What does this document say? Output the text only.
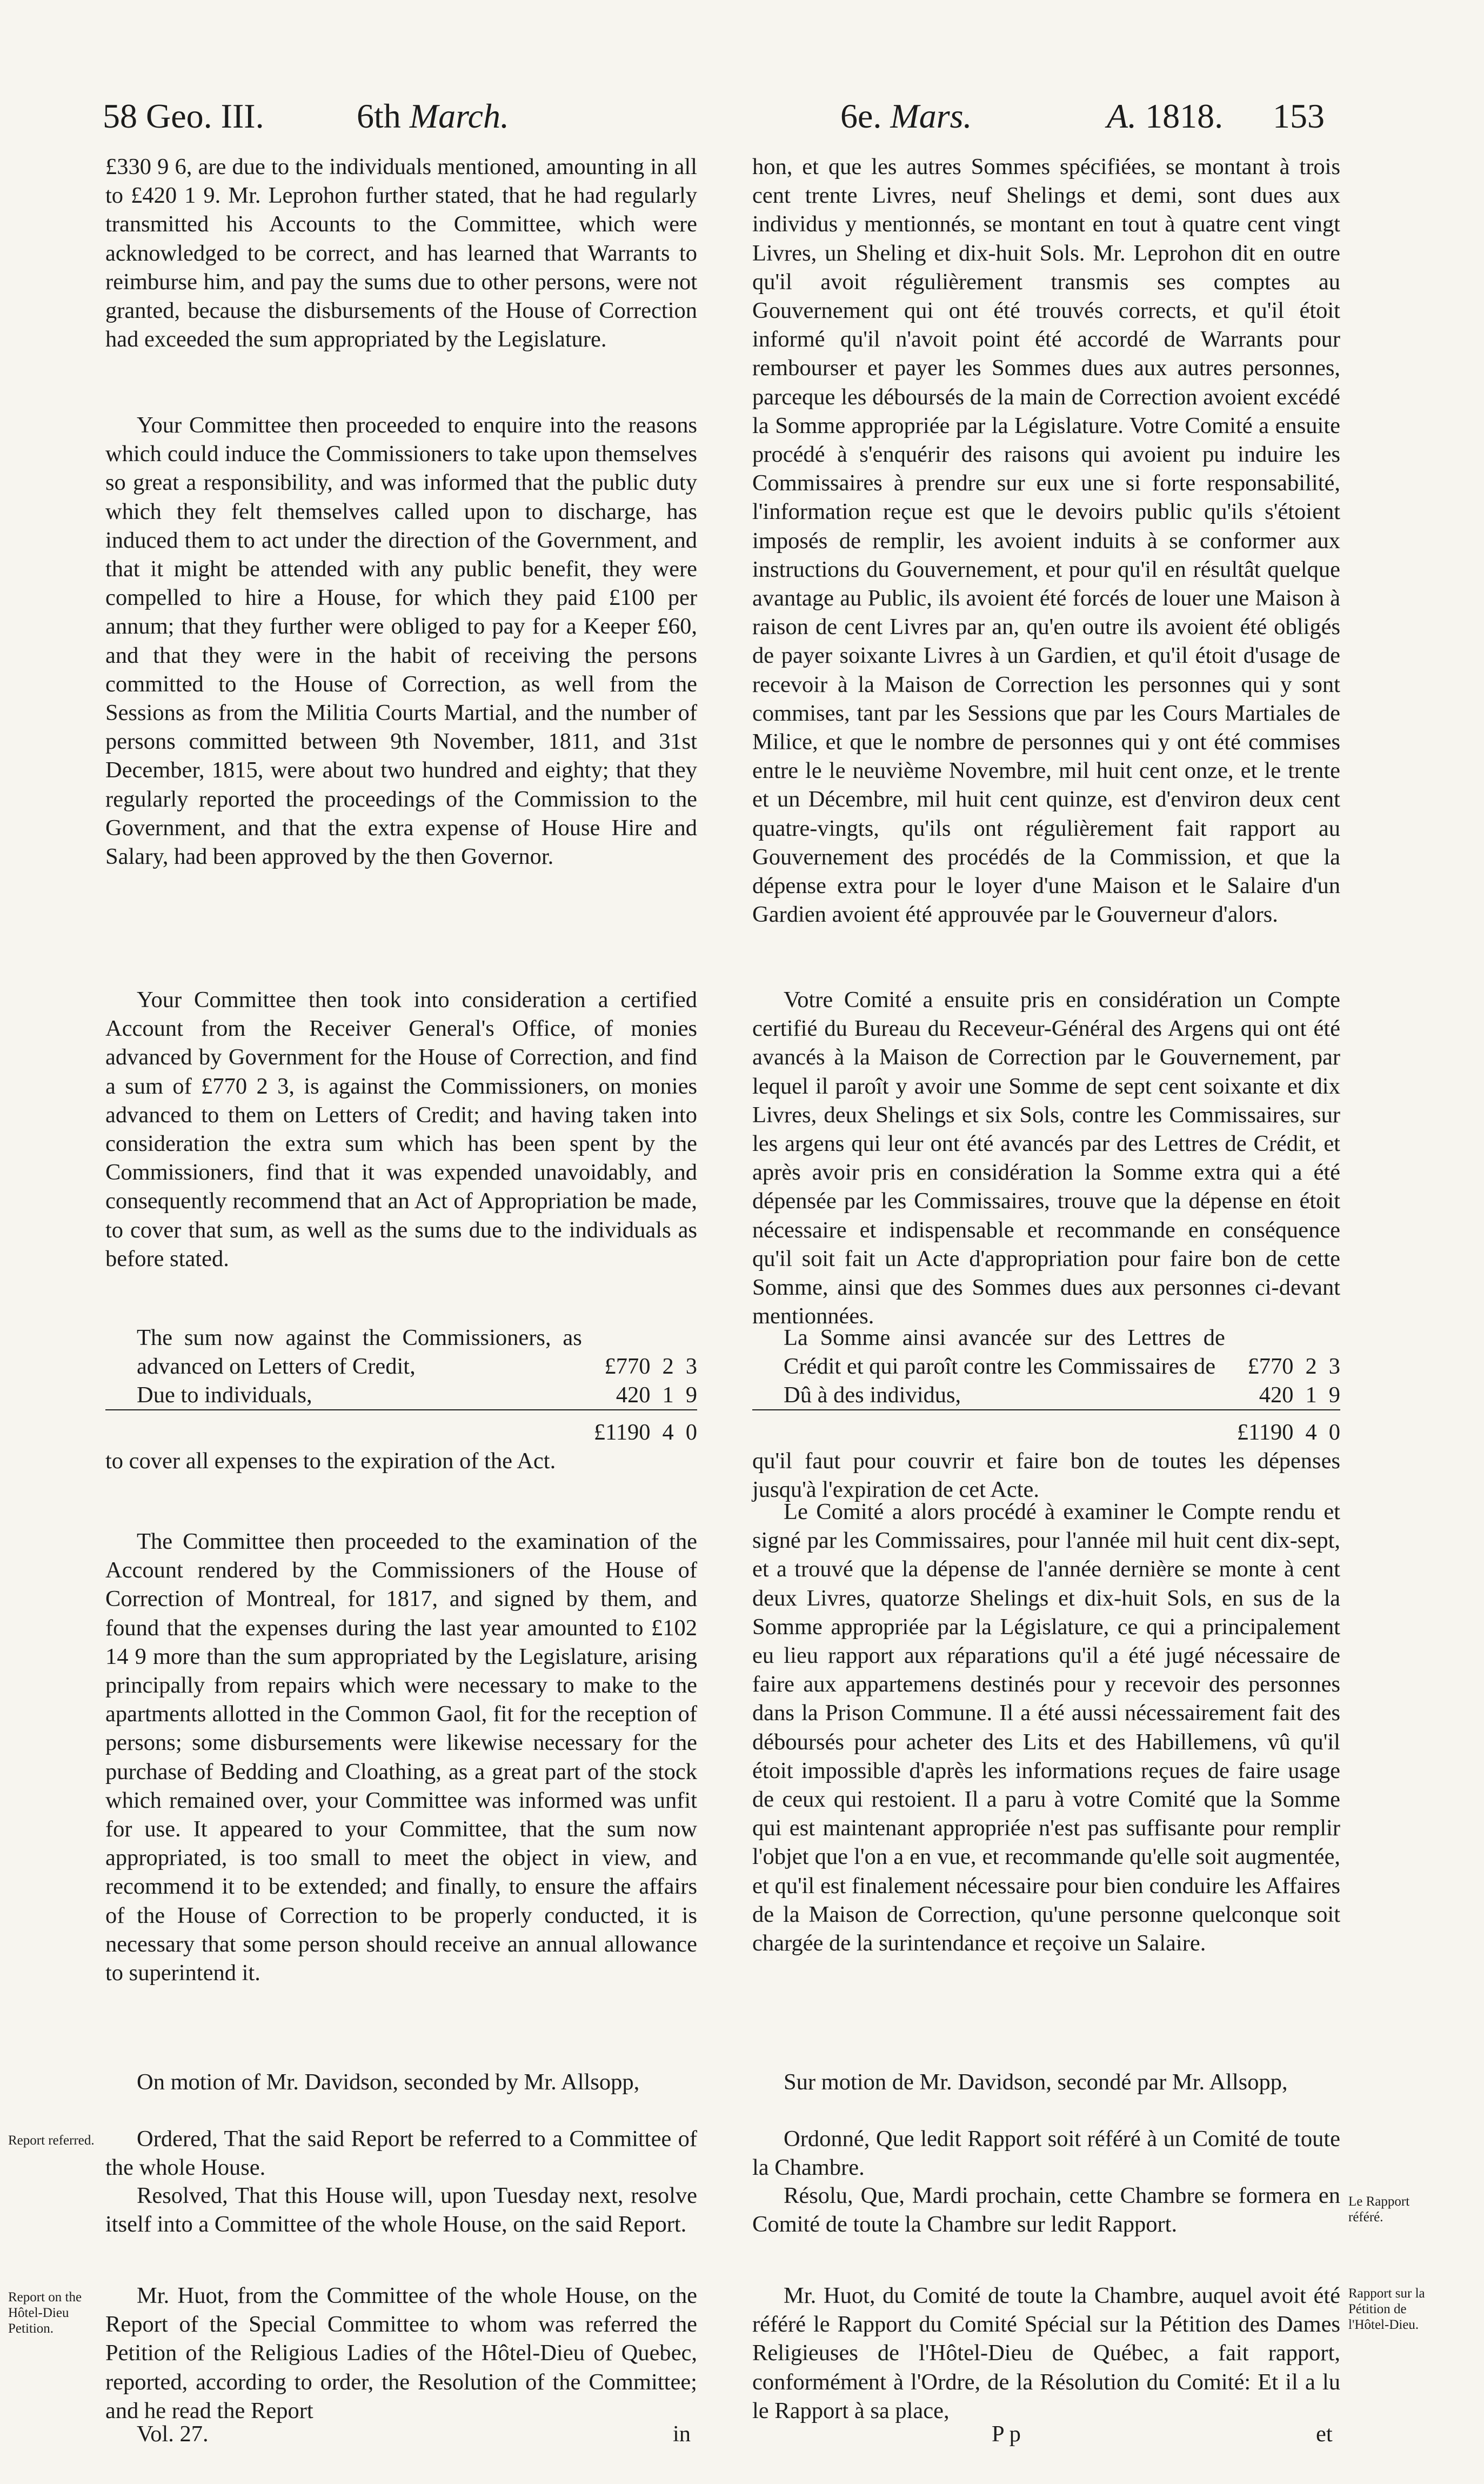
58 Geo. III.	6th March.	6e. Mars.	A. 1818. 153

£330 9 6, are due to the individuals mentioned, amounting in all to £420 1 9. Mr. Leprohon further stated, that he had regularly transmitted his Accounts to the Committee, which were acknowledged to be correct, and has learned that Warrants to reimburse him, and pay the sums due to other persons, were not granted, because the disbursements of the House of Correction had exceeded the sum appropriated by the Legislature.

Your Committee then proceeded to enquire into the reasons which could induce the Commissioners to take upon themselves so great a responsibility, and was informed that the public duty which they felt themselves called upon to discharge, has induced them to act under the direction of the Government, and that it might be attended with any public benefit, they were compelled to hire a House, for which they paid £100 per annum; that they further were obliged to pay for a Keeper £60, and that they were in the habit of receiving the persons committed to the House of Correction, as well from the Sessions as from the Militia Courts Martial, and the number of persons committed between 9th November, 1811, and 31st December, 1815, were about two hundred and eighty; that they regularly reported the proceedings of the Commission to the Government, and that the extra expense of House Hire and Salary, had been approved by the then Governor.

Your Committee then took into consideration a certified Account from the Receiver General's Office, of monies advanced by Government for the House of Correction, and find a sum of £770 2 3, is against the Commissioners, on monies advanced to them on Letters of Credit; and having taken into consideration the extra sum which has been spent by the Commissioners, find that it was expended unavoidably, and consequently recommend that an Act of Appropriation be made, to cover that sum, as well as the sums due to the individuals as before stated.

The sum now against the Commissioners, as advanced on Letters of Credit,	£770	2	3
Due to individuals,	420	1	9

	£1190	4	0

to cover all expenses to the expiration of the Act.

The Committee then proceeded to the examination of the Account rendered by the Commissioners of the House of Correction of Montreal, for 1817, and signed by them, and found that the expenses during the last year amounted to £102 14 9 more than the sum appropriated by the Legislature, arising principally from repairs which were necessary to make to the apartments allotted in the Common Gaol, fit for the reception of persons; some disbursements were likewise necessary for the purchase of Bedding and Cloathing, as a great part of the stock which remained over, your Committee was informed was unfit for use. It appeared to your Committee, that the sum now appropriated, is too small to meet the object in view, and recommend it to be extended; and finally, to ensure the affairs of the House of Correction to be properly conducted, it is necessary that some person should receive an annual allowance to superintend it.

On motion of Mr. Davidson, seconded by Mr. Allsopp,

Ordered, That the said Report be referred to a Committee of the whole House.

Resolved, That this House will, upon Tuesday next, resolve itself into a Committee of the whole House, on the said Report.

Mr. Huot, from the Committee of the whole House, on the Report of the Special Committee to whom was referred the Petition of the Religious Ladies of the Hôtel-Dieu of Quebec, reported, according to order, the Resolution of the Committee; and he read the Report

hon, et que les autres Sommes spécifiées, se montant à trois cent trente Livres, neuf Shelings et demi, sont dues aux individus y mentionnés, se montant en tout à quatre cent vingt Livres, un Sheling et dix-huit Sols. Mr. Leprohon dit en outre qu'il avoit régulièrement transmis ses comptes au Gouvernement qui ont été trouvés corrects, et qu'il étoit informé qu'il n'avoit point été accordé de Warrants pour rembourser et payer les Sommes dues aux autres personnes, parceque les déboursés de la main de Correction avoient excédé la Somme appropriée par la Législature. Votre Comité a ensuite procédé à s'enquérir des raisons qui avoient pu induire les Commissaires à prendre sur eux une si forte responsabilité, l'information reçue est que le devoirs public qu'ils s'étoient imposés de remplir, les avoient induits à se conformer aux instructions du Gouvernement, et pour qu'il en résultât quelque avantage au Public, ils avoient été forcés de louer une Maison à raison de cent Livres par an, qu'en outre ils avoient été obligés de payer soixante Livres à un Gardien, et qu'il étoit d'usage de recevoir à la Maison de Correction les personnes qui y sont commises, tant par les Sessions que par les Cours Martiales de Milice, et que le nombre de personnes qui y ont été commises entre le le neuvième Novembre, mil huit cent onze, et le trente et un Décembre, mil huit cent quinze, est d'environ deux cent quatre-vingts, qu'ils ont régulièrement fait rapport au Gouvernement des procédés de la Commission, et que la dépense extra pour le loyer d'une Maison et le Salaire d'un Gardien avoient été approuvée par le Gouverneur d'alors.

Votre Comité a ensuite pris en considération un Compte certifié du Bureau du Receveur-Général des Argens qui ont été avancés à la Maison de Correction par le Gouvernement, par lequel il paroît y avoir une Somme de sept cent soixante et dix Livres, deux Shelings et six Sols, contre les Commissaires, sur les argens qui leur ont été avancés par des Lettres de Crédit, et après avoir pris en considération la Somme extra qui a été dépensée par les Commissaires, trouve que la dépense en étoit nécessaire et indispensable et recommande en conséquence qu'il soit fait un Acte d'appropriation pour faire bon de cette Somme, ainsi que des Sommes dues aux personnes ci-devant mentionnées.

La Somme ainsi avancée sur des Lettres de Crédit et qui paroît contre les Commissaires de	£770	2	3
Dû à des individus,	420	1	9

	£1190	4	0

qu'il faut pour couvrir et faire bon de toutes les dépenses jusqu'à l'expiration de cet Acte.

Le Comité a alors procédé à examiner le Compte rendu et signé par les Commissaires, pour l'année mil huit cent dix-sept, et a trouvé que la dépense de l'année dernière se monte à cent deux Livres, quatorze Shelings et dix-huit Sols, en sus de la Somme appropriée par la Législature, ce qui a principalement eu lieu rapport aux réparations qu'il a été jugé nécessaire de faire aux appartemens destinés pour y recevoir des personnes dans la Prison Commune. Il a été aussi nécessairement fait des déboursés pour acheter des Lits et des Habillemens, vû qu'il étoit impossible d'après les informations reçues de faire usage de ceux qui restoient. Il a paru à votre Comité que la Somme qui est maintenant appropriée n'est pas suffisante pour remplir l'objet que l'on a en vue, et recommande qu'elle soit augmentée, et qu'il est finalement nécessaire pour bien conduire les Affaires de la Maison de Correction, qu'une personne quelconque soit chargée de la surintendance et reçoive un Salaire.

Sur motion de Mr. Davidson, secondé par Mr. Allsopp,

Ordonné, Que ledit Rapport soit référé à un Comité de toute la Chambre.

Résolu, Que, Mardi prochain, cette Chambre se formera en Comité de toute la Chambre sur ledit Rapport.

Mr. Huot, du Comité de toute la Chambre, auquel avoit été référé le Rapport du Comité Spécial sur la Pétition des Dames Religieuses de l'Hôtel-Dieu de Québec, a fait rapport, conformément à l'Ordre, de la Résolution du Comité: Et il a lu le Rapport à sa place,

Report referred.
Report on the Hôtel-Dieu Petition.
Le Rapport référé.
Rapport sur la Pétition de l'Hôtel-Dieu.
Vol. 27.	in	P p	et
